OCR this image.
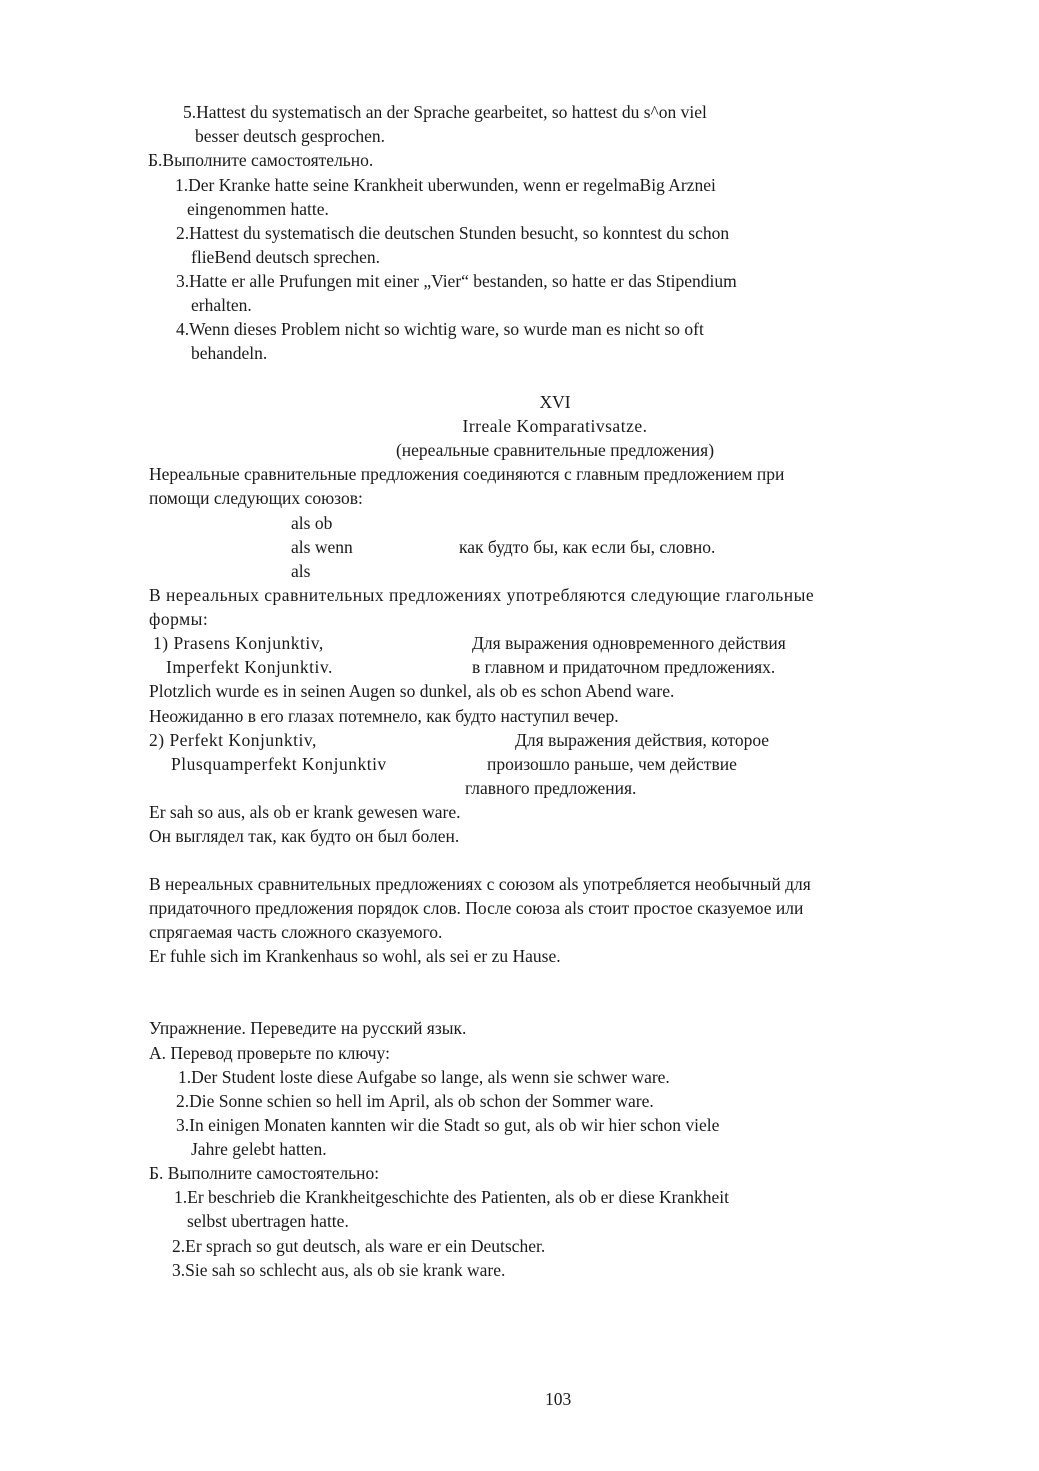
5.Hattest du systematisch an der Sprache gearbeitet, so hattest du s^on viel
besser deutsch gesprochen.
Б.Выполните самостоятельно.
1.Der Kranke hatte seine Krankheit uberwunden, wenn er regelmaBig Arznei
eingenommen hatte.
2.Hattest du systematisch die deutschen Stunden besucht, so konntest du schon
flieBend deutsch sprechen.
3.Hatte er alle Prufungen mit einer „Vier“ bestanden, so hatte er das Stipendium
erhalten.
4.Wenn dieses Problem nicht so wichtig ware, so wurde man es nicht so oft
behandeln.
XVI
Irreale Komparativsatze.
(нереальные сравнительные предложения)
Нереальные сравнительные предложения соединяются с главным предложением при
помощи следующих союзов:
als ob
als wenn	как будто бы, как если бы, словно.
als
В нереальных сравнительных предложениях употребляются следующие глагольные
формы:
1) Prasens Konjunktiv,	Для выражения одновременного действия
Imperfekt Konjunktiv.	в главном и придаточном предложениях.
Plotzlich wurde es in seinen Augen so dunkel, als ob es schon Abend ware.
Неожиданно в его глазах потемнело, как будто наступил вечер.
2) Perfekt Konjunktiv,	Для выражения действия, которое
Plusquamperfekt Konjunktiv	произошло раньше, чем действие
главного предложения.
Er sah so aus, als ob er krank gewesen ware.
Он выглядел так, как будто он был болен.
В нереальных сравнительных предложениях с союзом als употребляется необычный для
придаточного предложения порядок слов. После союза als стоит простое сказуемое или
спрягаемая часть сложного сказуемого.
Er fuhle sich im Krankenhaus so wohl, als sei er zu Hause.
Упражнение. Переведите на русский язык.
А. Перевод проверьте по ключу:
1.Der Student loste diese Aufgabe so lange, als wenn sie schwer ware.
2.Die Sonne schien so hell im April, als ob schon der Sommer ware.
3.In einigen Monaten kannten wir die Stadt so gut, als ob wir hier schon viele
Jahre gelebt hatten.
Б. Выполните самостоятельно:
1.Er beschrieb die Krankheitgeschichte des Patienten, als ob er diese Krankheit
selbst ubertragen hatte.
2.Er sprach so gut deutsch, als ware er ein Deutscher.
3.Sie sah so schlecht aus, als ob sie krank ware.
103
